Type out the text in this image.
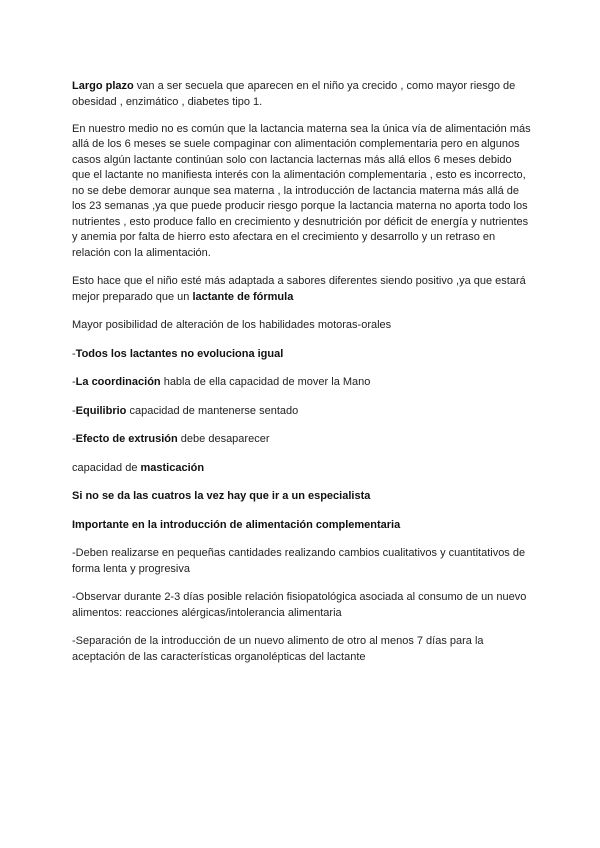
Largo plazo van a ser secuela que aparecen en el niño ya crecido , como mayor riesgo de obesidad , enzimático , diabetes tipo 1.

En nuestro medio no es común que la lactancia materna sea la única vía de alimentación más allá de los 6 meses se suele compaginar con alimentación complementaria pero en algunos casos algún lactante continúan solo con lactancia lacternas más allá ellos 6 meses debido que el lactante no manifiesta interés con la alimentación complementaria , esto es incorrecto, no se debe demorar aunque sea materna , la introducción de lactancia materna más allá de los 23 semanas ,ya que puede producir riesgo porque la lactancia materna no aporta todo los nutrientes , esto produce fallo en crecimiento y desnutrición por déficit de energía y nutrientes y anemia por falta de hierro esto afectara en el crecimiento y desarrollo y un retraso en relación con la alimentación.

Esto hace que el niño esté más adaptada a sabores diferentes siendo positivo ,ya que estará mejor preparado que un lactante de fórmula

Mayor posibilidad de alteración de los habilidades motoras-orales

-Todos los lactantes no evoluciona igual

-La coordinación habla de ella capacidad de mover la Mano

-Equilibrio capacidad de mantenerse sentado

-Efecto de extrusión debe desaparecer

capacidad de masticación

Si no se da las cuatros la vez hay que ir a un especialista

Importante en la introducción de alimentación complementaria

-Deben realizarse en pequeñas cantidades realizando cambios cualitativos y cuantitativos de forma lenta y progresiva

-Observar durante 2-3 días posible relación fisiopatológica asociada al consumo de un nuevo alimentos: reacciones alérgicas/intolerancia alimentaria

-Separación de la introducción de un nuevo alimento de otro al menos 7 días para la aceptación de las características organolépticas del lactante
